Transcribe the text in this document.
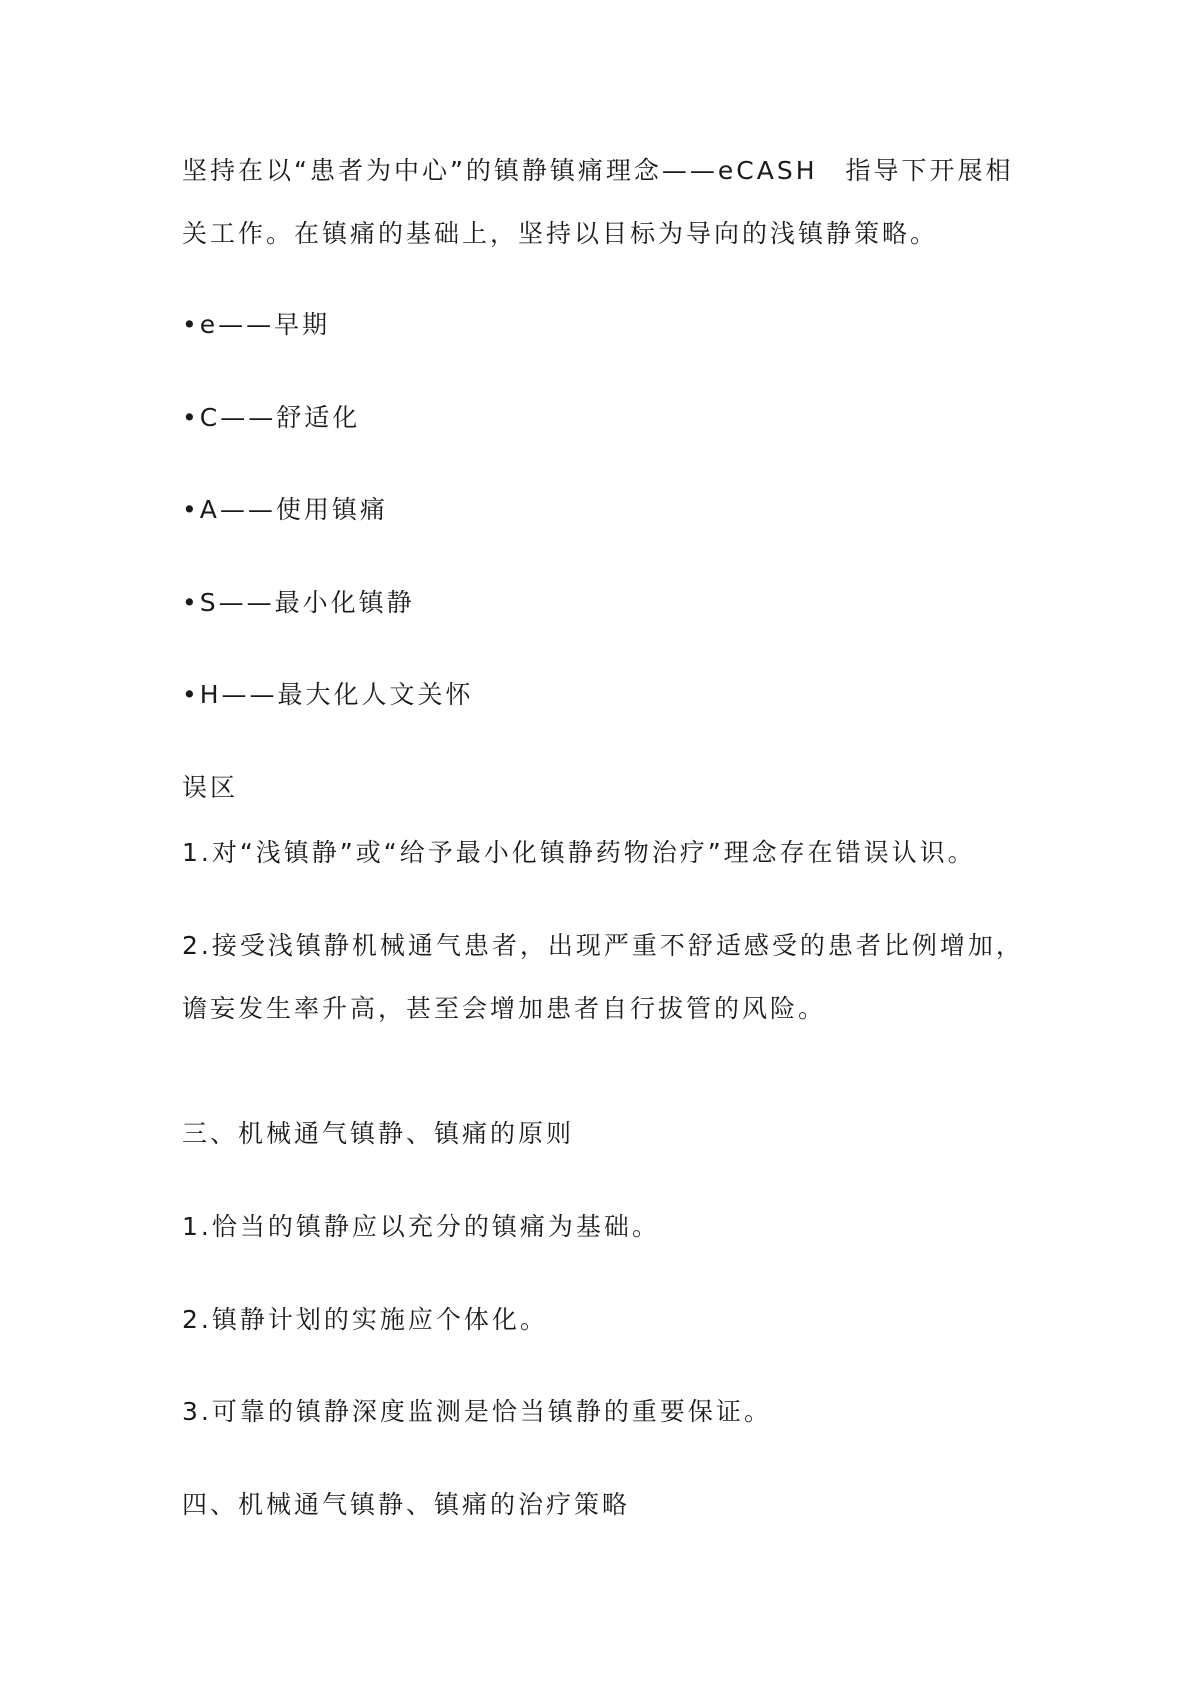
坚持在以“患者为中心”的镇静镇痛理念——eCASH　指导下开展相
关工作。在镇痛的基础上，坚持以目标为导向的浅镇静策略。
•e——早期
•C——舒适化
•A——使用镇痛
•S——最小化镇静
•H——最大化人文关怀
误区
1.对“浅镇静”或“给予最小化镇静药物治疗”理念存在错误认识。
2.接受浅镇静机械通气患者，出现严重不舒适感受的患者比例增加，
谵妄发生率升高，甚至会增加患者自行拔管的风险。
三、机械通气镇静、镇痛的原则
1.恰当的镇静应以充分的镇痛为基础。
2.镇静计划的实施应个体化。
3.可靠的镇静深度监测是恰当镇静的重要保证。
四、机械通气镇静、镇痛的治疗策略
